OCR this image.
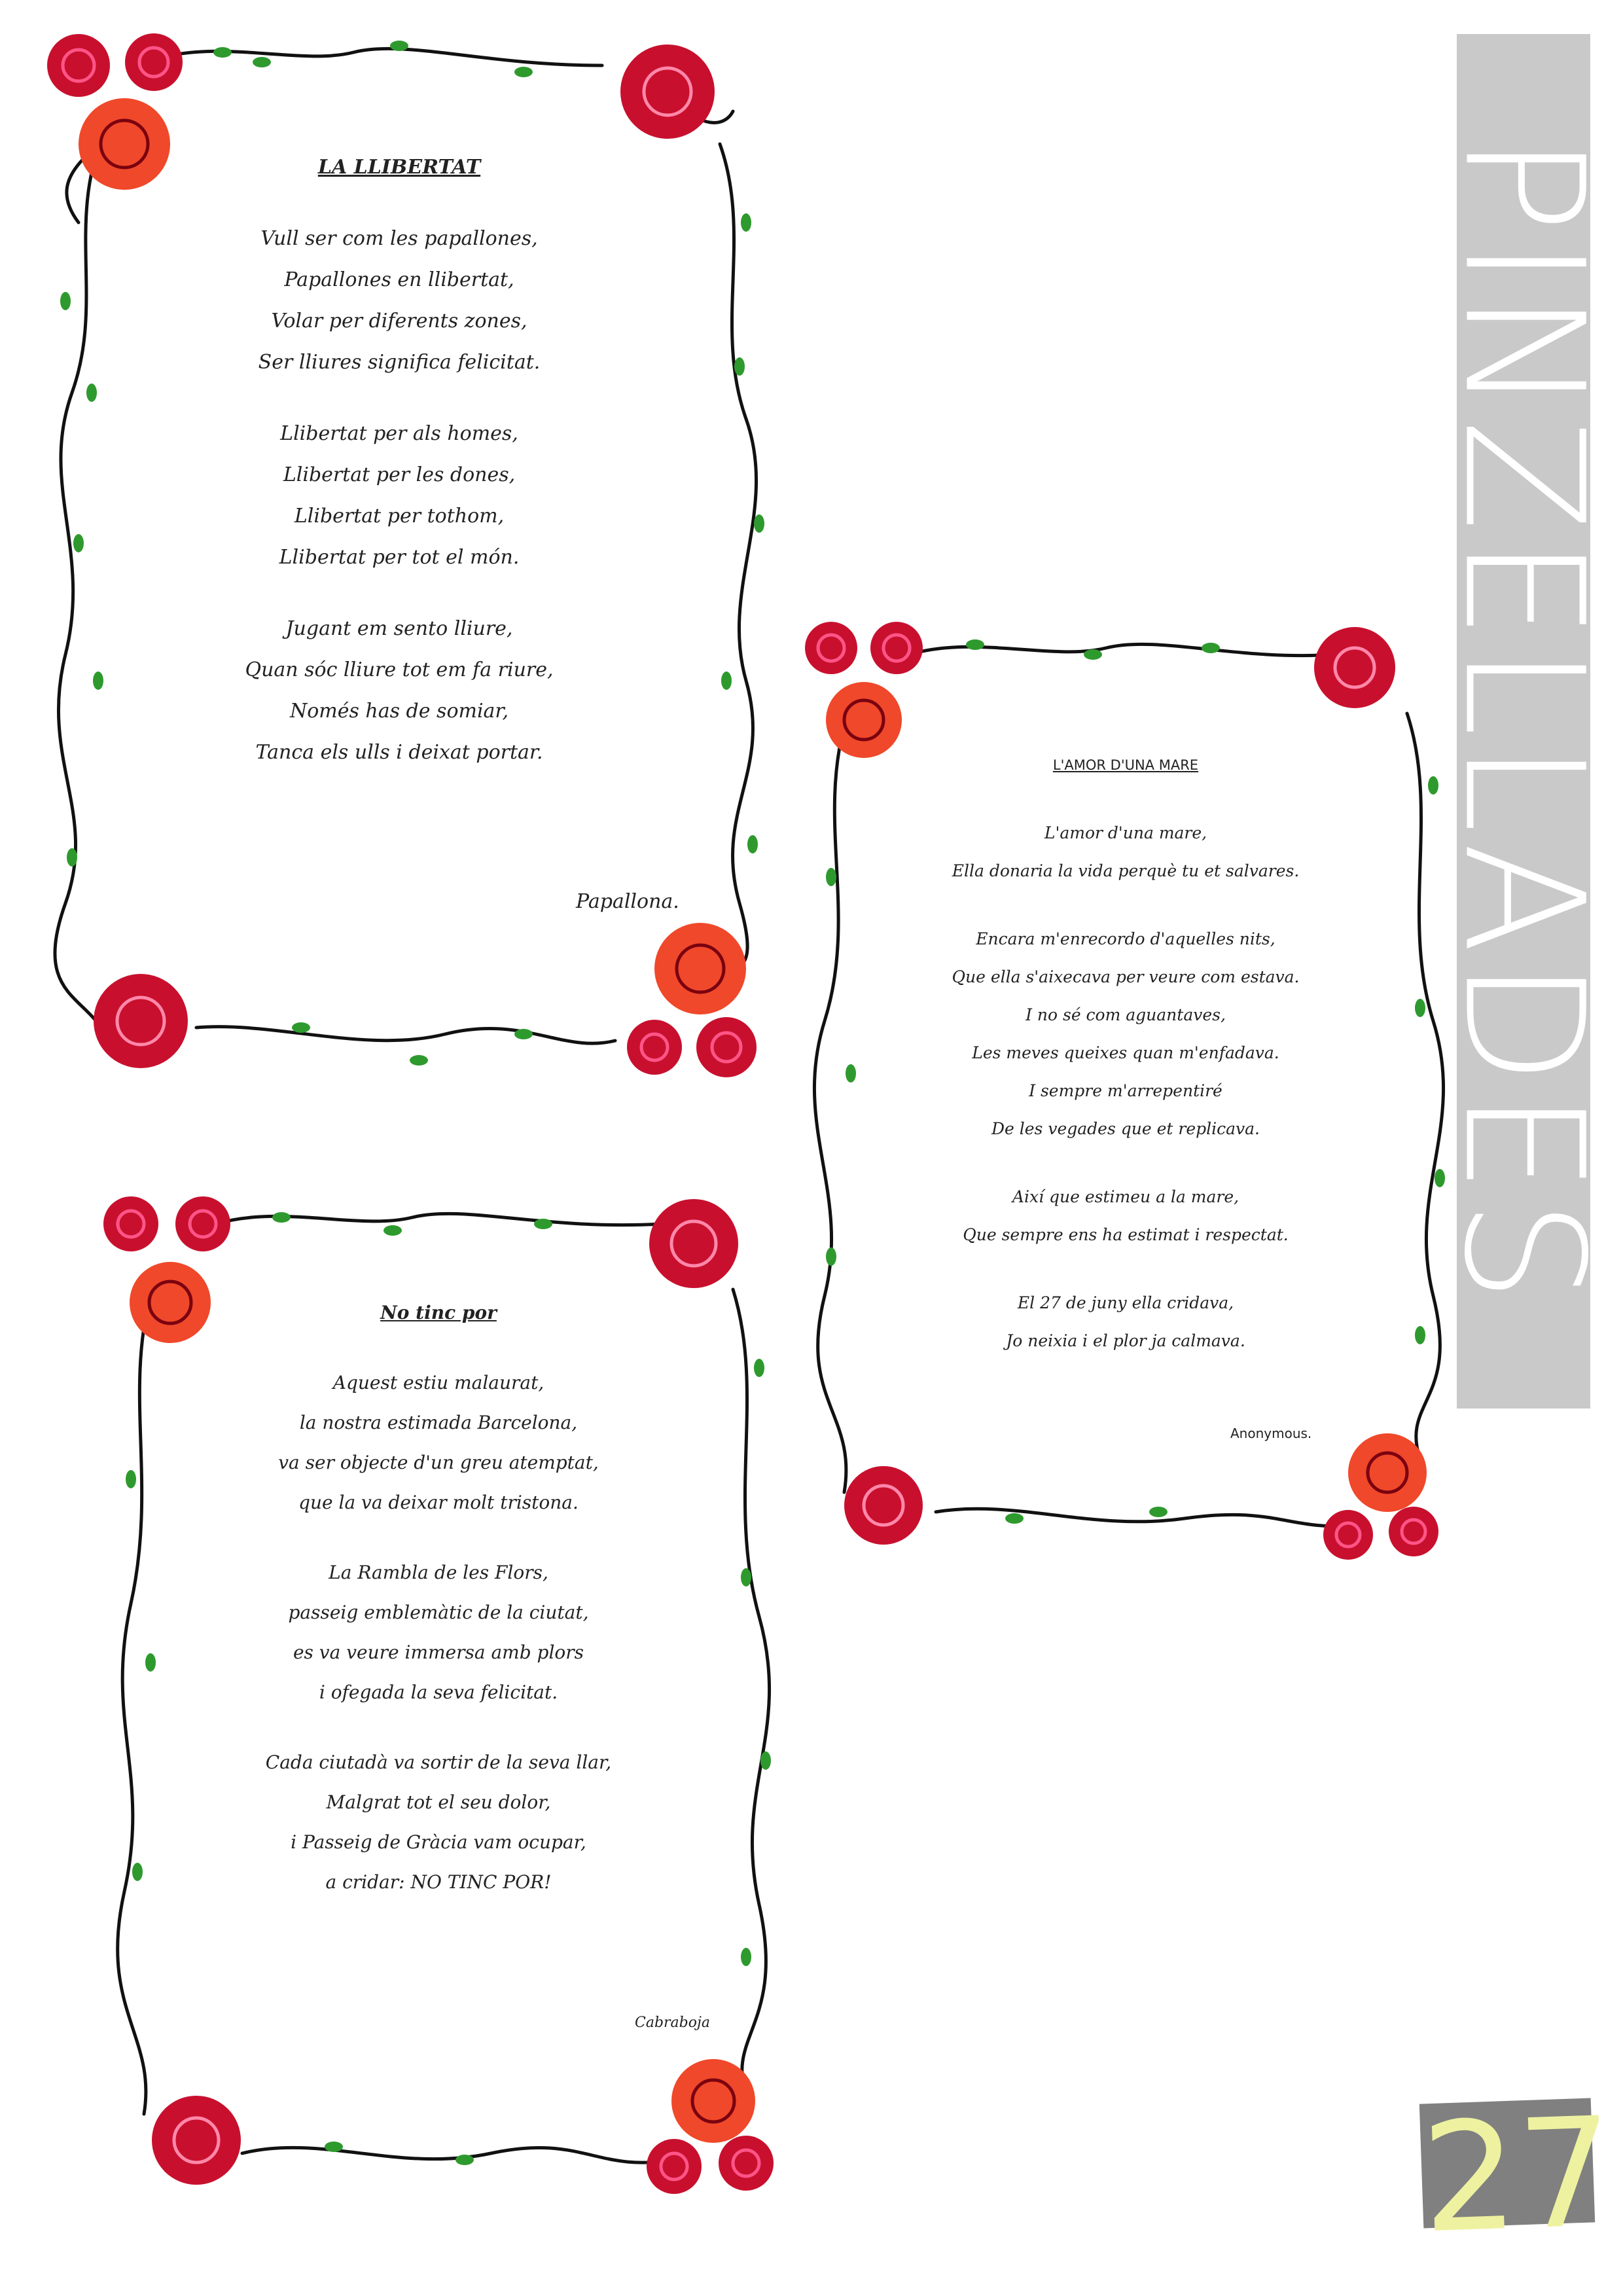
LA LLIBERTAT

Vull ser com les papallones,

Papallones en llibertat,

Volar per diferents zones,

Ser lliures significa felicitat.

Llibertat per als homes,

Llibertat per les dones,

Llibertat per tothom,

Llibertat per tot el món.

Jugant em sento lliure,

Quan sóc lliure tot em fa riure,

Només has de somiar,

Tanca els ulls i deixat portar.

Papallona.

L'AMOR D'UNA MARE

L'amor d'una mare,

Ella donaria la vida perquè tu et salvares.

Encara m'enrecordo d'aquelles nits,

Que ella s'aixecava per veure com estava.

I no sé com aguantaves,

Les meves queixes quan m'enfadava.

I sempre m'arrepentiré

De les vegades que et replicava.

Així que estimeu a la mare,

Que sempre ens ha estimat i respectat.

El 27 de juny ella cridava,

Jo neixia i el plor ja calmava.

Anonymous.

No tinc por

Aquest estiu malaurat,

la nostra estimada Barcelona,

va ser objecte d'un greu atemptat,

que la va deixar molt tristona.

La Rambla de les Flors,

passeig emblemàtic de la ciutat,

es va veure immersa amb plors

i ofegada la seva felicitat.

Cada ciutadà va sortir de la seva llar,

Malgrat tot el seu dolor,

i Passeig de Gràcia vam ocupar,

a cridar: NO TINC POR!

Cabraboja
PINZELLADES
27
